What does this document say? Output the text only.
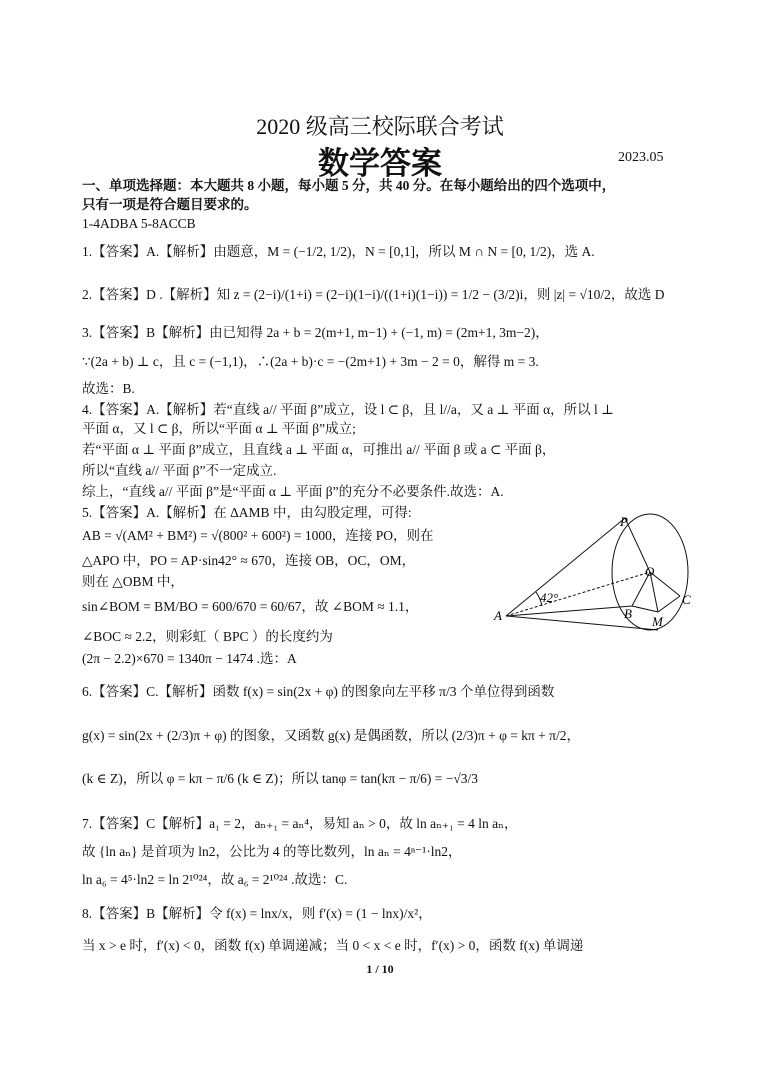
2020 级高三校际联合考试
数学答案	2023.05
一、单项选择题：本大题共 8 小题，每小题 5 分，共 40 分。在每小题给出的四个选项中，
只有一项是符合题目要求的。
1-4ADBA 5-8ACCB
1.【答案】A.【解析】由题意，M = (−1/2, 1/2)，N = [0,1]，所以 M ∩ N = [0, 1/2)，选 A.
2.【答案】D .【解析】知 z = (2−i)/(1+i) = (2−i)(1−i)/((1+i)(1−i)) = 1/2 − (3/2)i，则 |z| = √10/2，故选 D
3.【答案】B【解析】由已知得 2a + b = 2(m+1, m−1) + (−1, m) = (2m+1, 3m−2)，
∵(2a + b) ⊥ c，且 c = (−1,1)，∴(2a + b)·c = −(2m+1) + 3m − 2 = 0，解得 m = 3.
故选：B.
4.【答案】A.【解析】若“直线 a// 平面 β”成立，设 l ⊂ β，且 l//a，又 a ⊥ 平面 α，所以 l ⊥
平面 α，又 l ⊂ β，所以“平面 α ⊥ 平面 β”成立;
若“平面 α ⊥ 平面 β”成立，且直线 a ⊥ 平面 α，可推出 a// 平面 β 或 a ⊂ 平面 β，
所以“直线 a// 平面 β”不一定成立.
综上，“直线 a// 平面 β”是“平面 α ⊥ 平面 β”的充分不必要条件.故选：A.
5.【答案】A.【解析】在 ΔAMB 中，由勾股定理，可得:
AB = √(AM² + BM²) = √(800² + 600²) = 1000，连接 PO，则在
△APO 中，PO = AP·sin42° ≈ 670，连接 OB，OC，OM，
则在 △OBM 中，
sin∠BOM = BM/BO = 600/670 = 60/67，故 ∠BOM ≈ 1.1，
∠BOC ≈ 2.2，则彩虹（ BPC ）的长度约为
(2π − 2.2)×670 = 1340π − 1474 .选：A
P
O
C
B
M
A
42°
6.【答案】C.【解析】函数 f(x) = sin(2x + φ) 的图象向左平移 π/3 个单位得到函数
g(x) = sin(2x + (2/3)π + φ) 的图象，又函数 g(x) 是偶函数，所以 (2/3)π + φ = kπ + π/2，
(k ∈ Z)，所以 φ = kπ − π/6 (k ∈ Z)；所以 tanφ = tan(kπ − π/6) = −√3/3
7.【答案】C【解析】a₁ = 2，aₙ₊₁ = aₙ⁴，易知 aₙ > 0，故 ln aₙ₊₁ = 4 ln aₙ，
故 {ln aₙ} 是首项为 ln2，公比为 4 的等比数列，ln aₙ = 4ⁿ⁻¹·ln2，
ln a₆ = 4⁵·ln2 = ln 2¹⁰²⁴，故 a₆ = 2¹⁰²⁴ .故选：C.
8.【答案】B【解析】令 f(x) = lnx/x，则 f′(x) = (1 − lnx)/x²，
当 x > e 时，f′(x) < 0，函数 f(x) 单调递减；当 0 < x < e 时，f′(x) > 0，函数 f(x) 单调递
1 / 10
